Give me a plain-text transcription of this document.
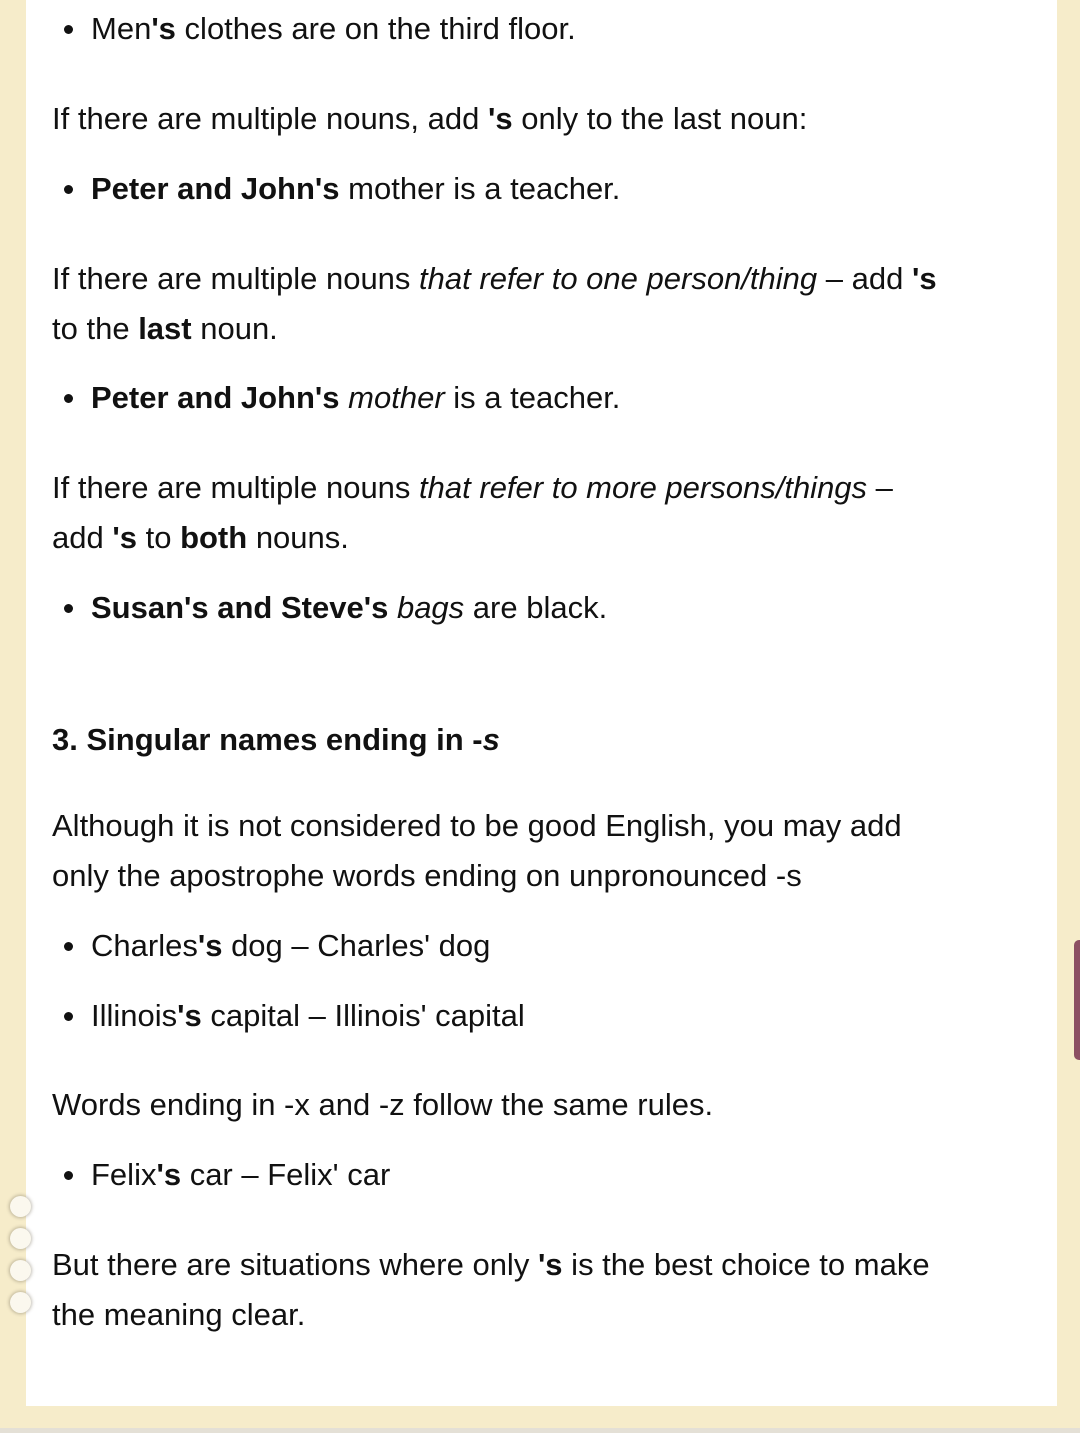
Men's clothes are on the third floor.
If there are multiple nouns, add 's only to the last noun:
Peter and John's mother is a teacher.
If there are multiple nouns that refer to one person/thing – add 's
to the last noun.
Peter and John's mother is a teacher.
If there are multiple nouns that refer to more persons/things –
add 's to both nouns.
Susan's and Steve's bags are black.
3. Singular names ending in -s
Although it is not considered to be good English, you may add
only the apostrophe words ending on unpronounced -s
Charles's dog – Charles' dog
Illinois's capital – Illinois' capital
Words ending in -x and -z follow the same rules.
Felix's car – Felix' car
But there are situations where only 's is the best choice to make
the meaning clear.
